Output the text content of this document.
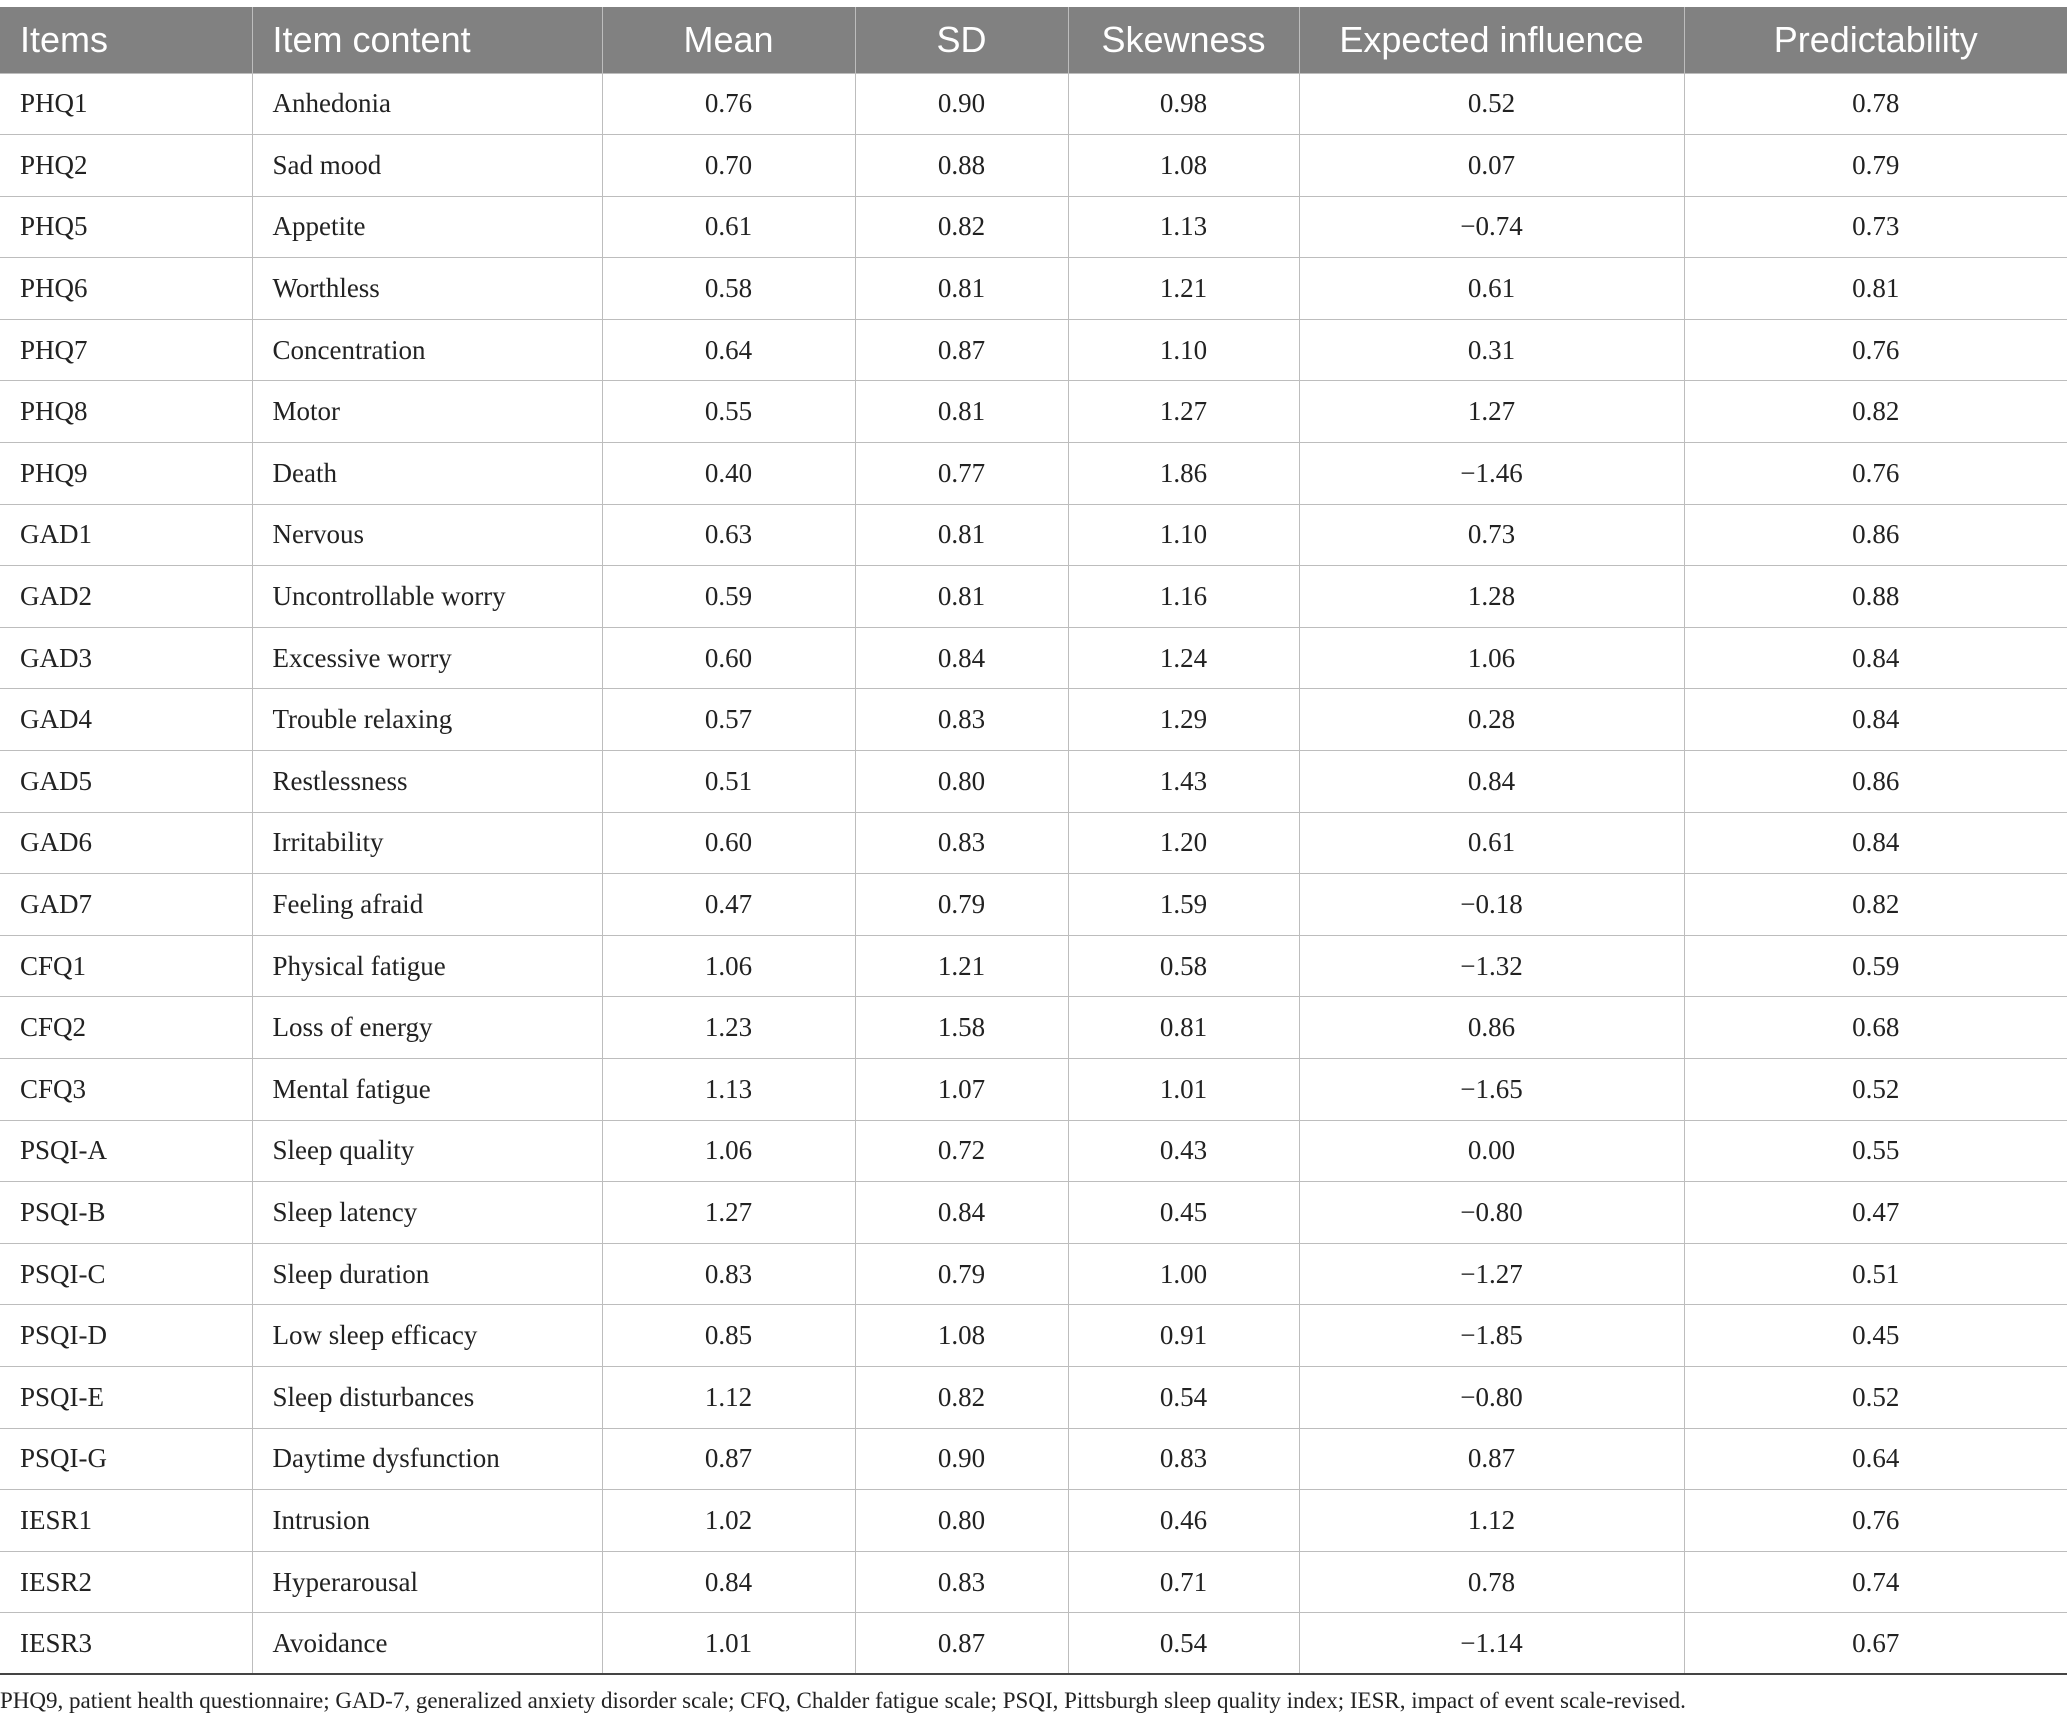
Items	Item content	Mean	SD	Skewness	Expected influence	Predictability
PHQ1	Anhedonia	0.76	0.90	0.98	0.52	0.78
PHQ2	Sad mood	0.70	0.88	1.08	0.07	0.79
PHQ5	Appetite	0.61	0.82	1.13	−0.74	0.73
PHQ6	Worthless	0.58	0.81	1.21	0.61	0.81
PHQ7	Concentration	0.64	0.87	1.10	0.31	0.76
PHQ8	Motor	0.55	0.81	1.27	1.27	0.82
PHQ9	Death	0.40	0.77	1.86	−1.46	0.76
GAD1	Nervous	0.63	0.81	1.10	0.73	0.86
GAD2	Uncontrollable worry	0.59	0.81	1.16	1.28	0.88
GAD3	Excessive worry	0.60	0.84	1.24	1.06	0.84
GAD4	Trouble relaxing	0.57	0.83	1.29	0.28	0.84
GAD5	Restlessness	0.51	0.80	1.43	0.84	0.86
GAD6	Irritability	0.60	0.83	1.20	0.61	0.84
GAD7	Feeling afraid	0.47	0.79	1.59	−0.18	0.82
CFQ1	Physical fatigue	1.06	1.21	0.58	−1.32	0.59
CFQ2	Loss of energy	1.23	1.58	0.81	0.86	0.68
CFQ3	Mental fatigue	1.13	1.07	1.01	−1.65	0.52
PSQI-A	Sleep quality	1.06	0.72	0.43	0.00	0.55
PSQI-B	Sleep latency	1.27	0.84	0.45	−0.80	0.47
PSQI-C	Sleep duration	0.83	0.79	1.00	−1.27	0.51
PSQI-D	Low sleep efficacy	0.85	1.08	0.91	−1.85	0.45
PSQI-E	Sleep disturbances	1.12	0.82	0.54	−0.80	0.52
PSQI-G	Daytime dysfunction	0.87	0.90	0.83	0.87	0.64
IESR1	Intrusion	1.02	0.80	0.46	1.12	0.76
IESR2	Hyperarousal	0.84	0.83	0.71	0.78	0.74
IESR3	Avoidance	1.01	0.87	0.54	−1.14	0.67
PHQ9, patient health questionnaire; GAD-7, generalized anxiety disorder scale; CFQ, Chalder fatigue scale; PSQI, Pittsburgh sleep quality index; IESR, impact of event scale-revised.
